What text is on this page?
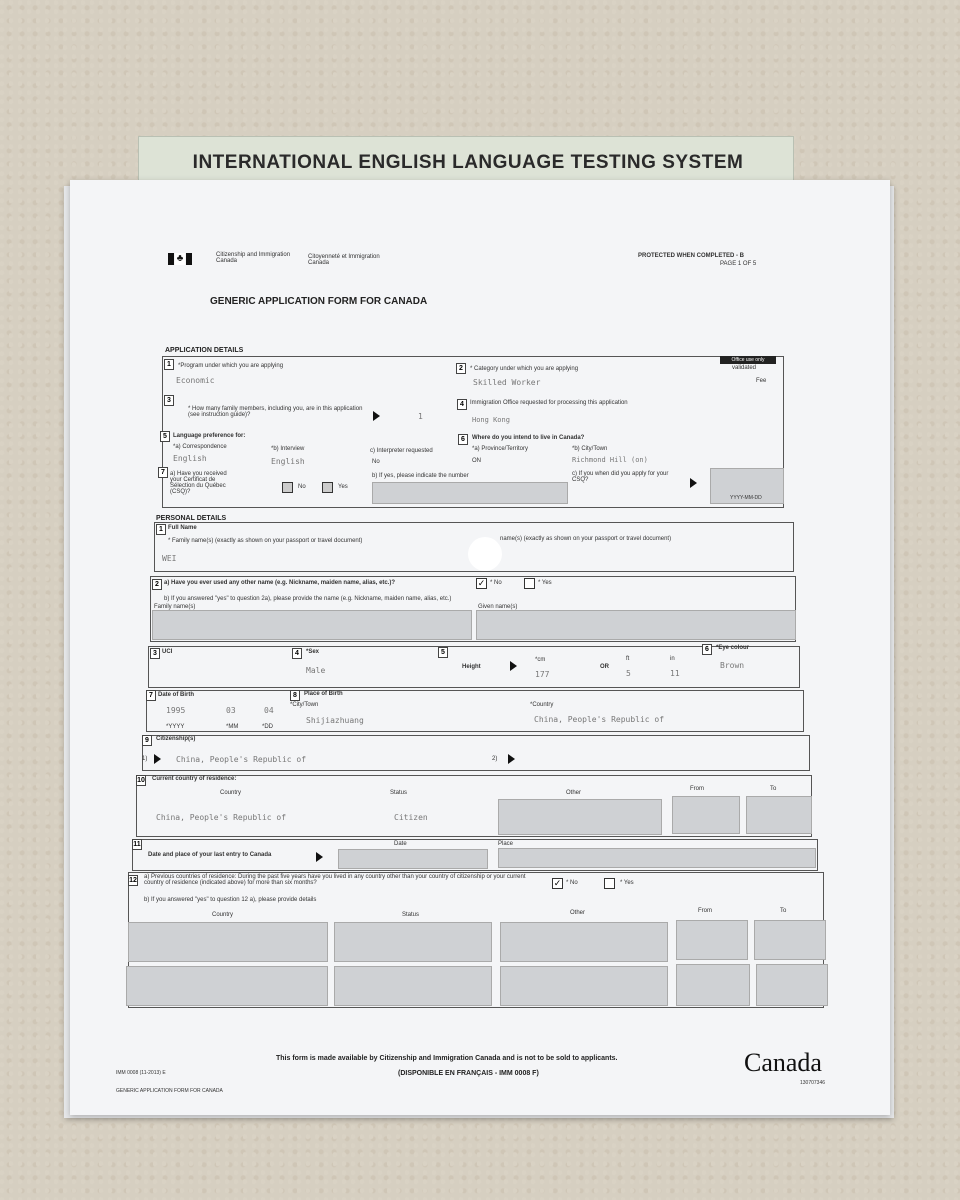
INTERNATIONAL ENGLISH LANGUAGE TESTING SYSTEM
♣	Citizenship and Immigration Canada
Citoyenneté et Immigration Canada
PROTECTED WHEN COMPLETED - B
PAGE 1 OF 5
GENERIC APPLICATION FORM FOR CANADA
APPLICATION DETAILS
1	*Program under which you are applying
Economic
2	* Category under which you are applying
Skilled Worker
Office use only
validated
Fee
3
* How many family members, including you, are in this application (see instruction guide)?	1
4	Immigration Office requested for processing this application
Hong Kong
5	Language preference for:
*a) Correspondence
English
*b) Interview
English
c) Interpreter requested
No
6	Where do you intend to live in Canada?
*a) Province/Territory
ON
*b) City/Town
Richmond Hill (on)
7 a) Have you received your Certificat de Sélection du Québec (CSQ)?
No	Yes
b) If yes, please indicate the number	c) If you when did you apply for your CSQ?
YYYY-MM-DD
PERSONAL DETAILS
1 Full Name
* Family name(s) (exactly as shown on your passport or travel document)
WEI
name(s) (exactly as shown on your passport or travel document)
2 a) Have you ever used any other name (e.g. Nickname, maiden name, alias, etc.)?	✓ * No	* Yes
b) If you answered "yes" to question 2a), please provide the name (e.g. Nickname, maiden name, alias, etc.)
Family name(s)	Given name(s)
3 UCI	4	*Sex
Male
5
Height
*cm
177
OR
ft
5
in
11
6	*Eye colour
Brown
7 Date of Birth
1995	03	04
*YYYY	*MM	*DD
8	Place of Birth
*City/Town
Shijiazhuang
*Country
China, People's Republic of
9	Citizenship(s)
1)	China, People's Republic of	2)
10 Current country of residence:
Country	Status	Other
From	To
China, People's Republic of	Citizen
11	Date	Place
Date and place of your last entry to Canada
12 a) Previous countries of residence: During the past five years have you lived in any country other than your country of citizenship or your current country of residence (indicated above) for more than six months?	✓ * No	* Yes
b) If you answered "yes" to question 12 a), please provide details
Country	Status	Other	From	To
This form is made available by Citizenship and Immigration Canada and is not to be sold to applicants.
(DISPONIBLE EN FRANÇAIS - IMM 0008 F)
IMM 0008 (11-2013) E
GENERIC APPLICATION FORM FOR CANADA
Canada
130707346
